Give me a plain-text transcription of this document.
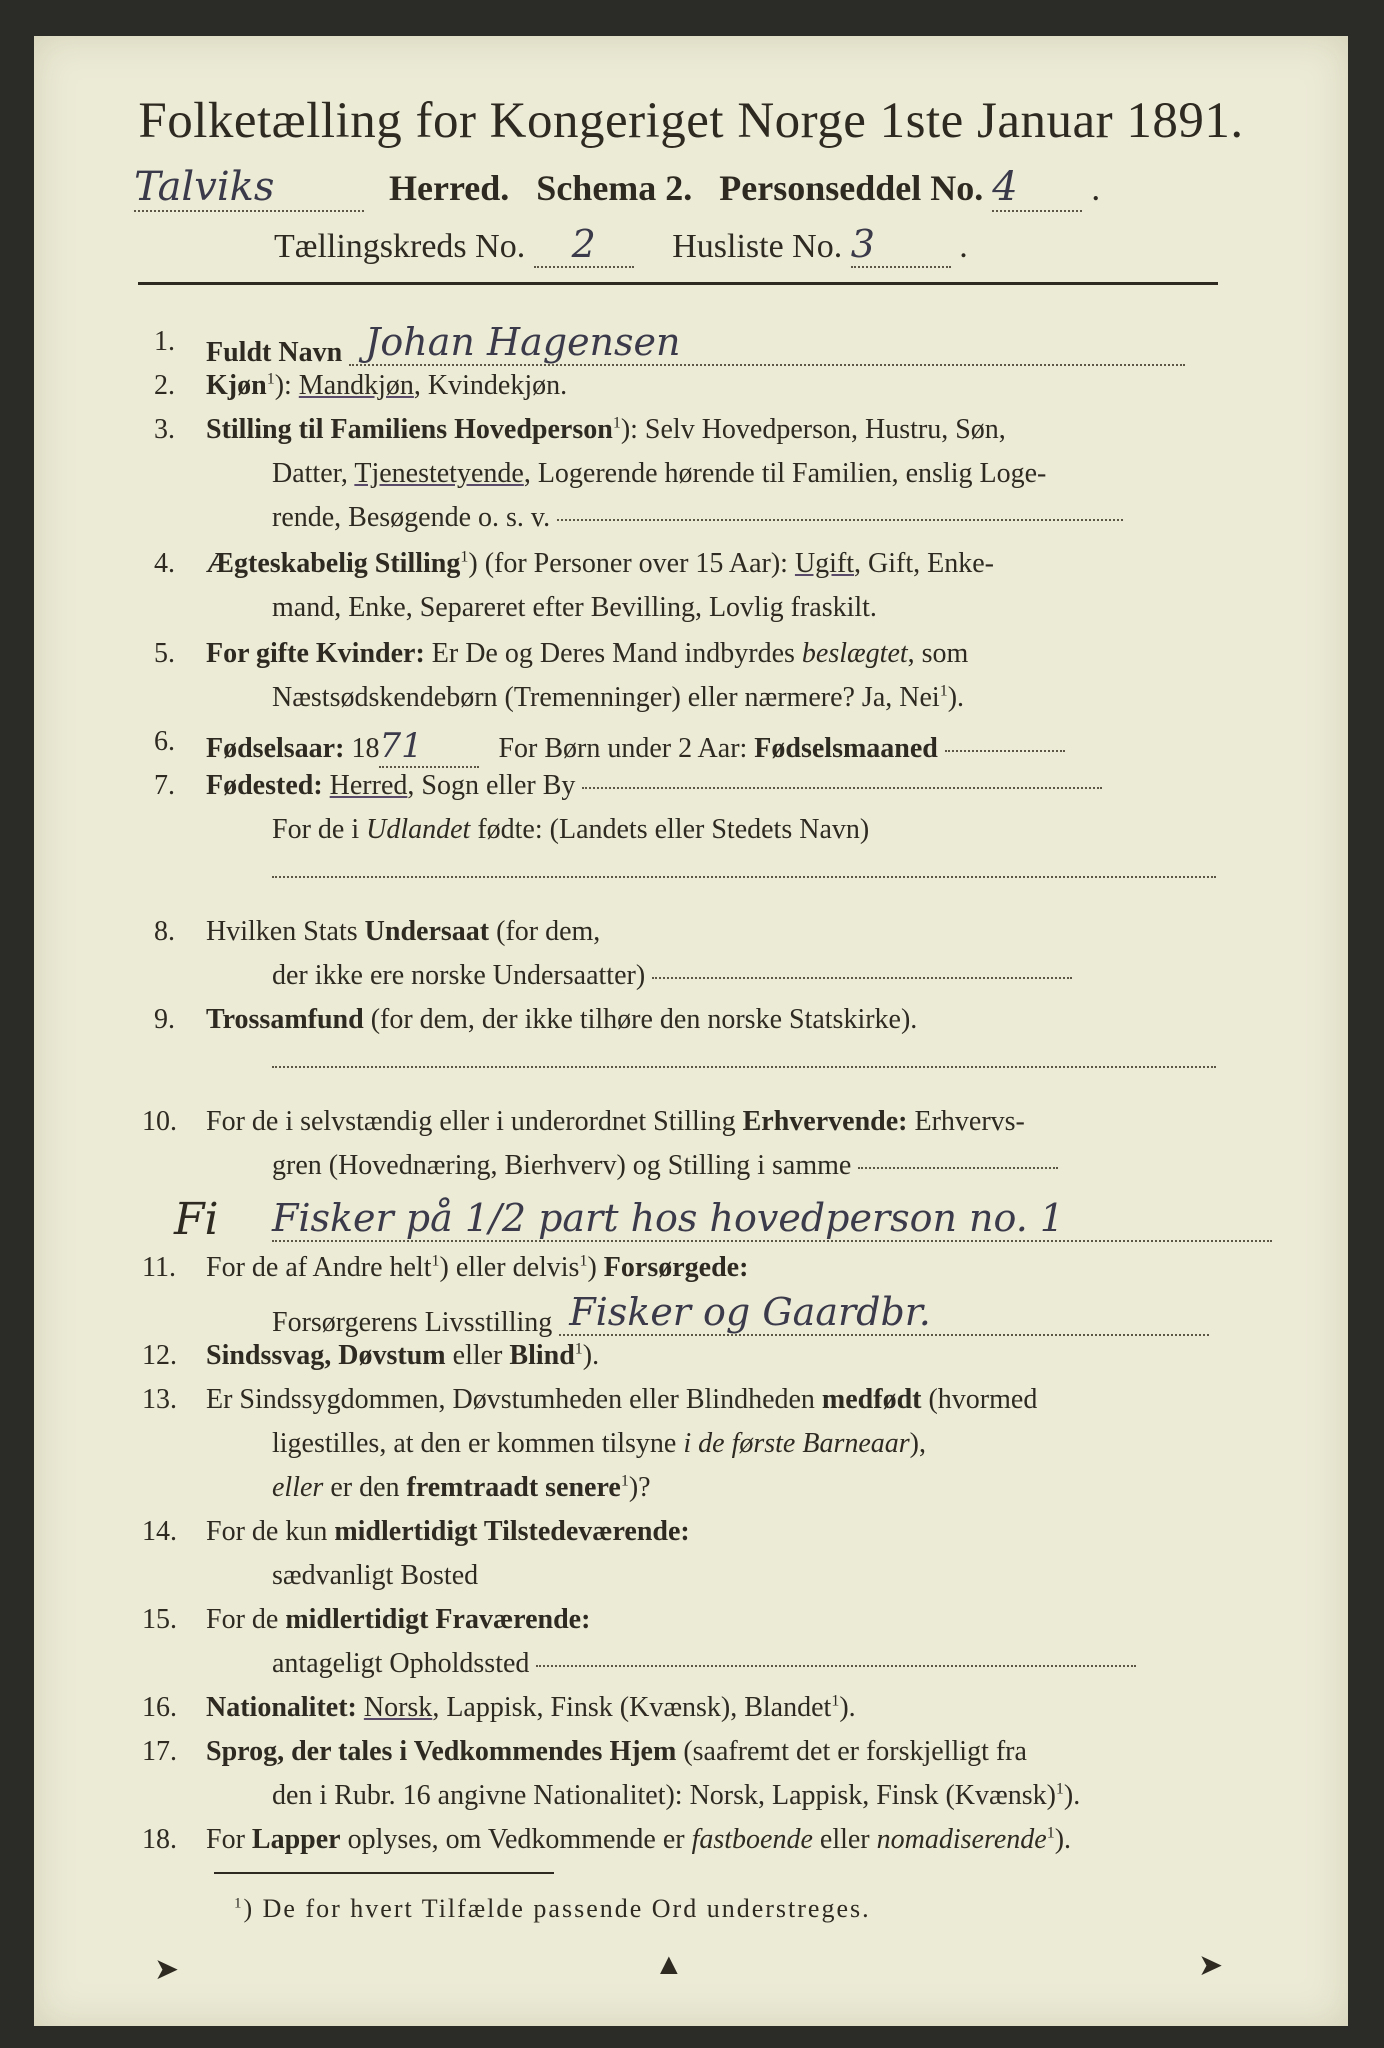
Folketælling for Kongeriget Norge 1ste Januar 1891.
Talviks	Herred. Schema 2. Personseddel No. 4 .
Tællingskreds No. 2 Husliste No. 3 .
1.	Fuldt Navn Johan Hagensen
2.	Kjøn$^1$): Mandkjøn, Kvindekjøn.
3.	Stilling til Familiens Hovedperson$^1$): Selv Hovedperson, Hustru, Søn,
Datter, Tjenestetyende, Logerende hørende til Familien, enslig Loge-
rende, Besøgende o. s. v.
4.	Ægteskabelig Stilling$^1$) (for Personer over 15 Aar): Ugift, Gift, Enke-
mand, Enke, Separeret efter Bevilling, Lovlig fraskilt.
5.	For gifte Kvinder: Er De og Deres Mand indbyrdes beslægtet, som
Næstsødskendebørn (Tremenninger) eller nærmere? Ja, Nei$^1$).
6.	Fødselsaar: 1871	For Børn under 2 Aar: Fødselsmaaned
7.	Fødested: Herred, Sogn eller By
For de i Udlandet fødte: (Landets eller Stedets Navn)
8.	Hvilken Stats Undersaat (for dem,
der ikke ere norske Undersaatter)
9.	Trossamfund (for dem, der ikke tilhøre den norske Statskirke).
10.	For de i selvstændig eller i underordnet Stilling Erhvervende: Erhvervs-
gren (Hovednæring, Bierhverv) og Stilling i samme
Fi Fisker på 1/2 part hos hovedperson no. 1
11.	For de af Andre helt$^1$) eller delvis$^1$) Forsørgede:
Forsørgerens Livsstilling Fisker og Gaardbr.
12.	Sindssvag, Døvstum eller Blind$^1$).
13.	Er Sindssygdommen, Døvstumheden eller Blindheden medfødt (hvormed
ligestilles, at den er kommen tilsyne i de første Barneaar),
eller er den fremtraadt senere$^1$)?
14.	For de kun midlertidigt Tilstedeværende:
sædvanligt Bosted
15.	For de midlertidigt Fraværende:
antageligt Opholdssted
16.	Nationalitet: Norsk, Lappisk, Finsk (Kvænsk), Blandet$^1$).
17.	Sprog, der tales i Vedkommendes Hjem (saafremt det er forskjelligt fra
den i Rubr. 16 angivne Nationalitet): Norsk, Lappisk, Finsk (Kvænsk)$^1$).
18.	For Lapper oplyses, om Vedkommende er fastboende eller nomadiserende$^1$).
$^1$) De for hvert Tilfælde passende Ord understreges.
➤	▲	➤
